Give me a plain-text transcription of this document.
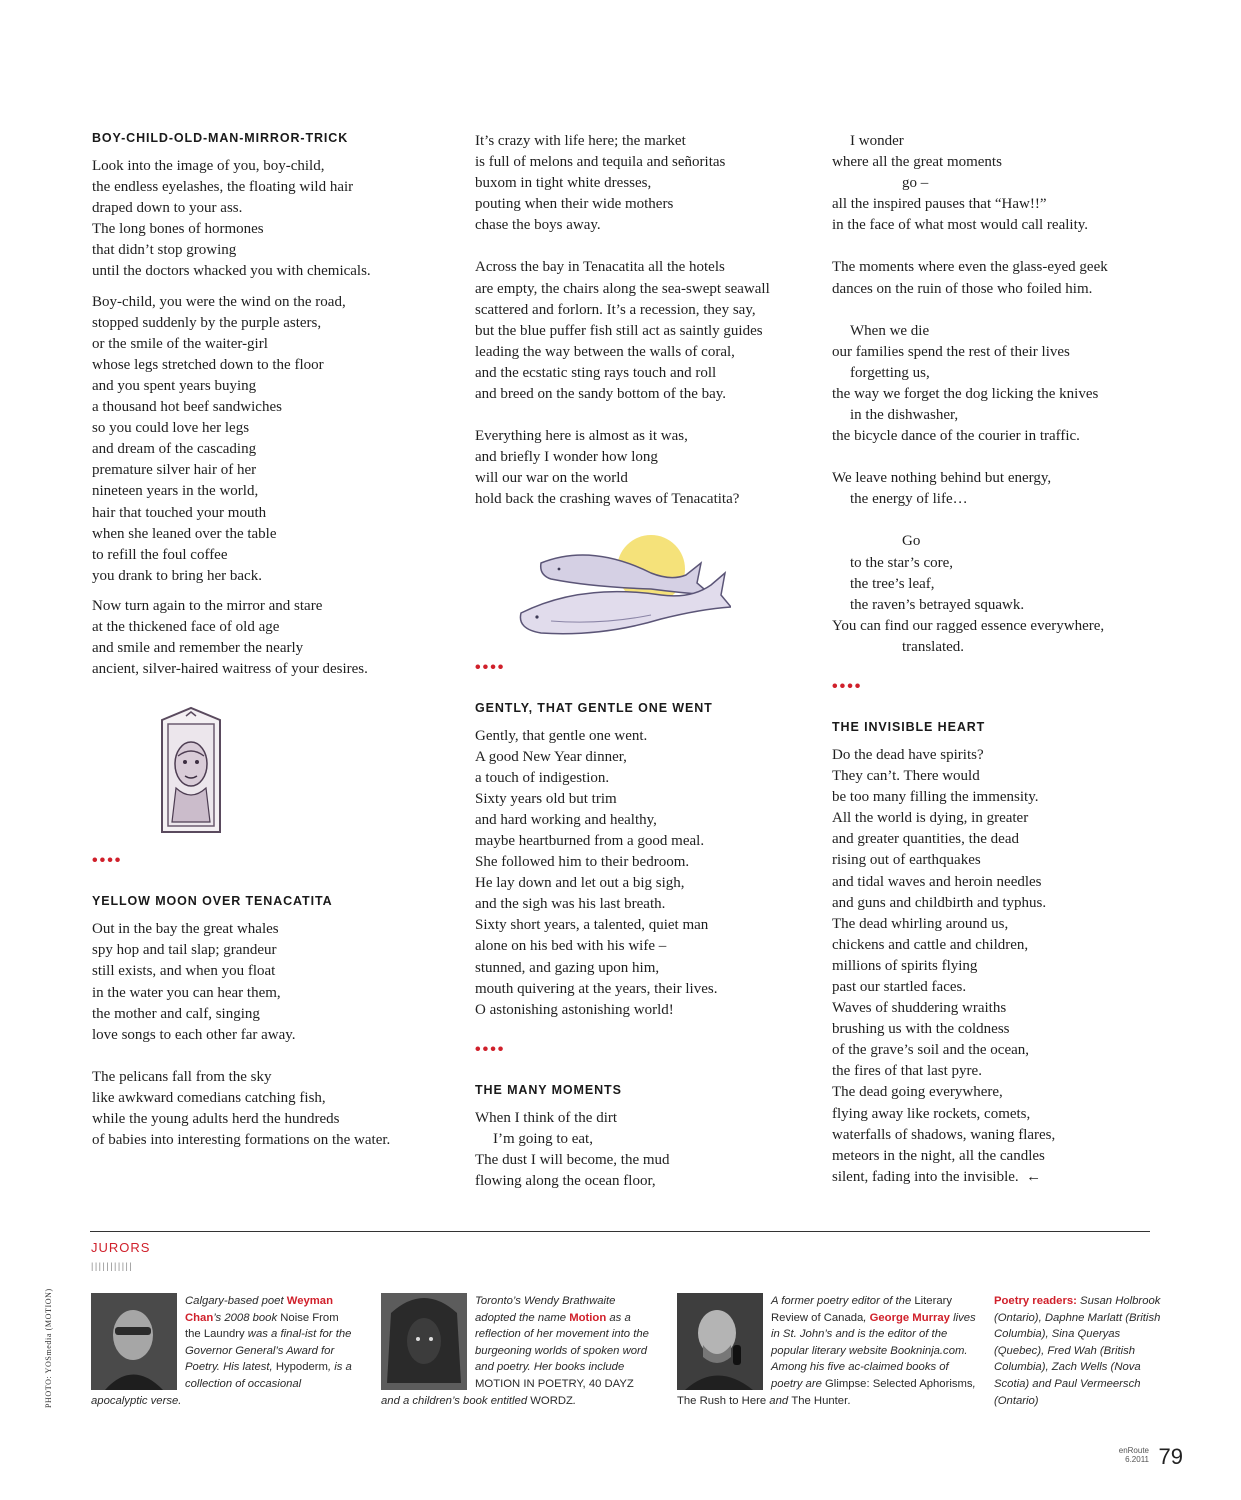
BOY-CHILD-OLD-MAN-MIRROR-TRICK
Look into the image of you, boy-child,
the endless eyelashes, the floating wild hair
draped down to your ass.
The long bones of hormones
that didn’t stop growing
until the doctors whacked you with chemicals.
Boy-child, you were the wind on the road,
stopped suddenly by the purple asters,
or the smile of the waiter-girl
whose legs stretched down to the floor
and you spent years buying
a thousand hot beef sandwiches
so you could love her legs
and dream of the cascading
premature silver hair of her
nineteen years in the world,
hair that touched your mouth
when she leaned over the table
to refill the foul coffee
you drank to bring her back.
Now turn again to the mirror and stare
at the thickened face of old age
and smile and remember the nearly
ancient, silver-haired waitress of your desires.
••••
YELLOW MOON OVER TENACATITA
Out in the bay the great whales
spy hop and tail slap; grandeur
still exists, and when you float
in the water you can hear them,
the mother and calf, singing
love songs to each other far away.
The pelicans fall from the sky
like awkward comedians catching fish,
while the young adults herd the hundreds
of babies into interesting formations on the water.
It’s crazy with life here; the market
is full of melons and tequila and señoritas
buxom in tight white dresses,
pouting when their wide mothers
chase the boys away.
Across the bay in Tenacatita all the hotels
are empty, the chairs along the sea-swept seawall
scattered and forlorn. It’s a recession, they say,
but the blue puffer fish still act as saintly guides
leading the way between the walls of coral,
and the ecstatic sting rays touch and roll
and breed on the sandy bottom of the bay.
Everything here is almost as it was,
and briefly I wonder how long
will our war on the world
hold back the crashing waves of Tenacatita?
••••
GENTLY, THAT GENTLE ONE WENT
Gently, that gentle one went.
A good New Year dinner,
a touch of indigestion.
Sixty years old but trim
and hard working and healthy,
maybe heartburned from a good meal.
She followed him to their bedroom.
He lay down and let out a big sigh,
and the sigh was his last breath.
Sixty short years, a talented, quiet man
alone on his bed with his wife –
stunned, and gazing upon him,
mouth quivering at the years, their lives.
O astonishing astonishing world!
••••
THE MANY MOMENTS
When I think of the dirt
I’m going to eat,
The dust I will become, the mud
flowing along the ocean floor,
I wonder
where all the great moments
go –
all the inspired pauses that “Haw!!”
in the face of what most would call reality.
The moments where even the glass-eyed geek
dances on the ruin of those who foiled him.
When we die
our families spend the rest of their lives
forgetting us,
the way we forget the dog licking the knives
in the dishwasher,
the bicycle dance of the courier in traffic.
We leave nothing behind but energy,
the energy of life…
Go
to the star’s core,
the tree’s leaf,
the raven’s betrayed squawk.
You can find our ragged essence everywhere,
translated.
••••
THE INVISIBLE HEART
Do the dead have spirits?
They can’t. There would
be too many filling the immensity.
All the world is dying, in greater
and greater quantities, the dead
rising out of earthquakes
and tidal waves and heroin needles
and guns and childbirth and typhus.
The dead whirling around us,
chickens and cattle and children,
millions of spirits flying
past our startled faces.
Waves of shuddering wraiths
brushing us with the coldness
of the grave’s soil and the ocean,
the fires of that last pyre.
The dead going everywhere,
flying away like rockets, comets,
waterfalls of shadows, waning flares,
meteors in the night, all the candles
silent, fading into the invisible.  ←
JURORS
|||||||||||
PHOTO: YOSmedia (MOTION)	Calgary-based poet Weyman Chan’s 2008 book Noise From the Laundry was a final-ist for the Governor General’s Award for Poetry. His latest, Hypoderm, is a collection of occasional apocalyptic verse.
Toronto’s Wendy Brathwaite adopted the name Motion as a reflection of her movement into the burgeoning worlds of spoken word and poetry. Her books include MOTION IN POETRY, 40 DAYZ and a children’s book entitled WORDZ.
A former poetry editor of the Literary Review of Canada, George Murray lives in St. John’s and is the editor of the popular literary website Bookninja.com. Among his five ac-claimed books of poetry are Glimpse: Selected Aphorisms, The Rush to Here and The Hunter.
Poetry readers: Susan Holbrook (Ontario), Daphne Marlatt (British Columbia), Sina Queryas (Quebec), Fred Wah (British Columbia), Zach Wells (Nova Scotia) and Paul Vermeersch (Ontario)
enRoute
6.2011 79
